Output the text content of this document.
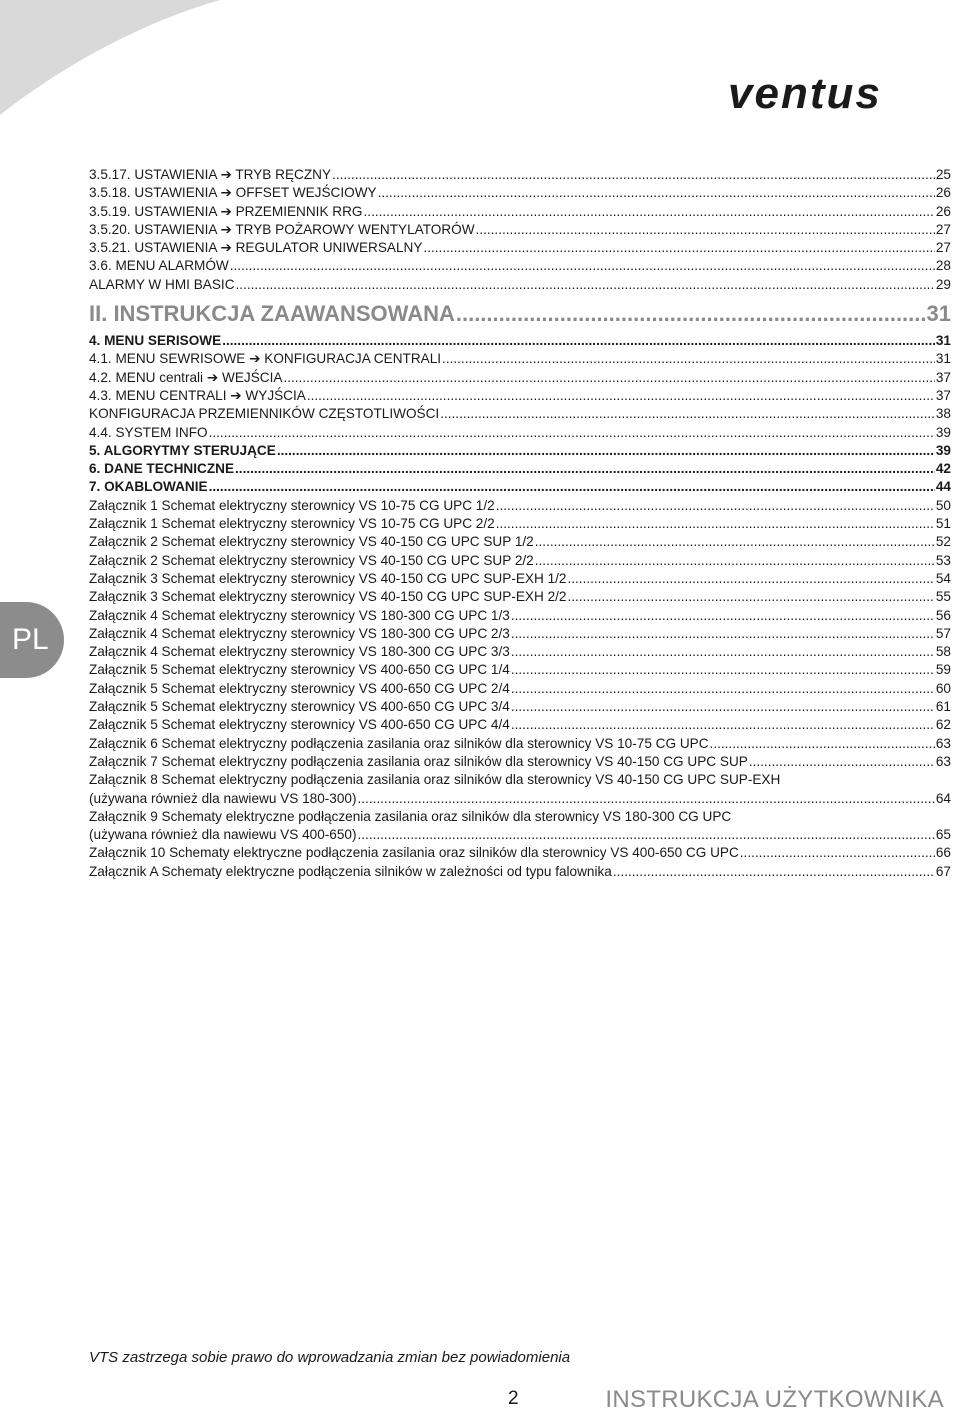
ventus
PL
3.5.17. USTAWIENIA ➔ TRYB RĘCZNY .....	25
3.5.18. USTAWIENIA ➔ OFFSET WEJŚCIOWY .....	26
3.5.19. USTAWIENIA ➔ PRZEMIENNIK RRG .....	26
3.5.20. USTAWIENIA ➔ TRYB POŻAROWY WENTYLATORÓW .....	27
3.5.21. USTAWIENIA ➔ REGULATOR UNIWERSALNY .....	27
3.6. MENU ALARMÓW .....	28
ALARMY W HMI BASIC .....	29
II. INSTRUKCJA ZAAWANSOWANA .....	31
4. MENU SERISOWE .....	31
4.1. MENU SEWRISOWE ➔ KONFIGURACJA CENTRALI .....	31
4.2. MENU centrali ➔ WEJŚCIA .....	37
4.3. MENU CENTRALI ➔ WYJŚCIA .....	37
KONFIGURACJA PRZEMIENNIKÓW CZĘSTOTLIWOŚCI .....	38
4.4. SYSTEM INFO .....	39
5. ALGORYTMY STERUJĄCE .....	39
6. DANE TECHNICZNE .....	42
7. OKABLOWANIE .....	44
Załącznik 1 Schemat elektryczny sterownicy VS 10-75 CG UPC 1/2 .....	50
Załącznik 1 Schemat elektryczny sterownicy VS 10-75 CG UPC 2/2 .....	51
Załącznik 2 Schemat elektryczny sterownicy VS 40-150 CG UPC SUP 1/2 .....	52
Załącznik 2 Schemat elektryczny sterownicy VS 40-150 CG UPC SUP 2/2 .....	53
Załącznik 3 Schemat elektryczny sterownicy VS 40-150 CG UPC SUP-EXH 1/2 .....	54
Załącznik 3 Schemat elektryczny sterownicy VS 40-150 CG UPC SUP-EXH 2/2 .....	55
Załącznik 4 Schemat elektryczny sterownicy VS 180-300 CG UPC 1/3 .....	56
Załącznik 4 Schemat elektryczny sterownicy VS 180-300 CG UPC 2/3 .....	57
Załącznik 4 Schemat elektryczny sterownicy VS 180-300 CG UPC 3/3 .....	58
Załącznik 5 Schemat elektryczny sterownicy VS 400-650 CG UPC 1/4 .....	59
Załącznik 5 Schemat elektryczny sterownicy VS 400-650 CG UPC 2/4 .....	60
Załącznik 5 Schemat elektryczny sterownicy VS 400-650 CG UPC 3/4 .....	61
Załącznik 5 Schemat elektryczny sterownicy VS 400-650 CG UPC 4/4 .....	62
Załącznik 6 Schemat elektryczny podłączenia zasilania oraz silników dla sterownicy VS 10-75 CG UPC .....	63
Załącznik 7 Schemat elektryczny podłączenia zasilania oraz silników dla sterownicy VS 40-150 CG UPC SUP .....	63
Załącznik 8 Schemat elektryczny podłączenia zasilania oraz silników dla sterownicy VS 40-150 CG UPC SUP-EXH
(używana również dla nawiewu VS 180-300) .....	64
Załącznik 9 Schematy elektryczne podłączenia zasilania oraz silników dla sterownicy VS 180-300 CG UPC
(używana również dla nawiewu VS 400-650) .....	65
Załącznik 10 Schematy elektryczne podłączenia zasilania oraz silników dla sterownicy VS 400-650 CG UPC .....	66
Załącznik A Schematy elektryczne podłączenia silników w zależności od typu falownika .....	67
VTS zastrzega sobie prawo do wprowadzania zmian bez powiadomienia
2	INSTRUKCJA UŻYTKOWNIKA
